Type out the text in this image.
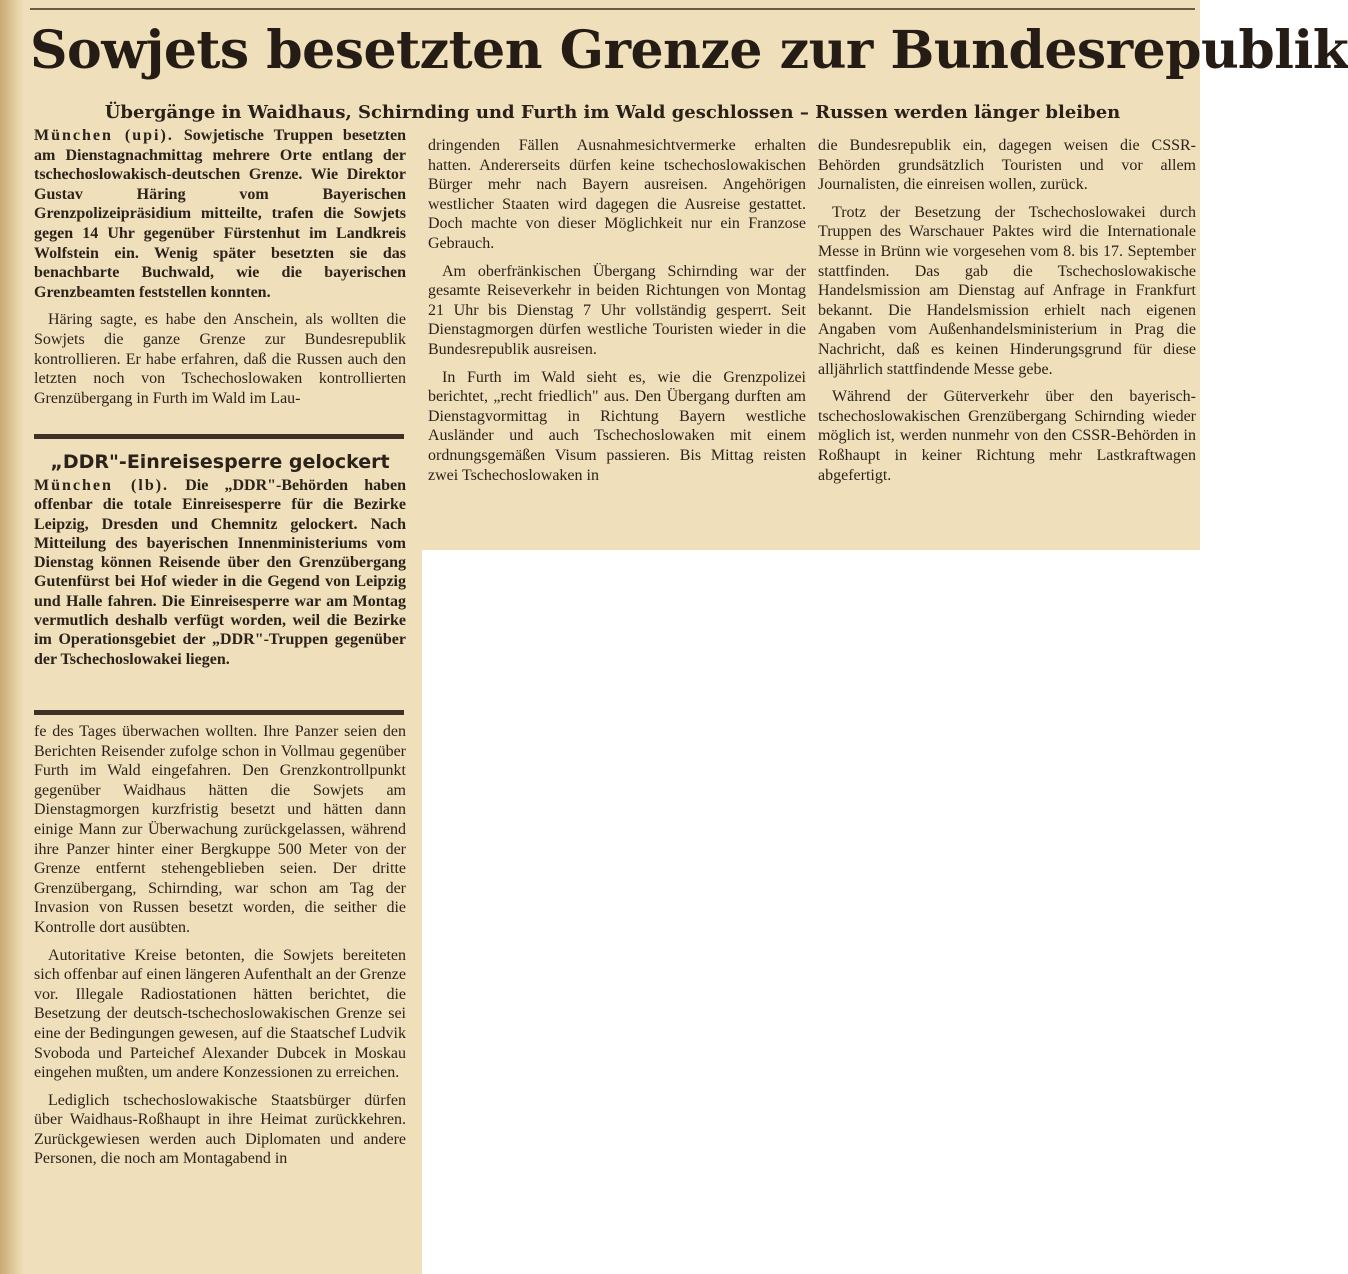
Sowjets besetzten Grenze zur Bundesrepublik
Übergänge in Waidhaus, Schirnding und Furth im Wald geschlossen – Russen werden länger bleiben

München (upi). Sowjetische Truppen besetzten am Dienstagnachmittag mehrere Orte entlang der tschechoslowakisch-deutschen Grenze. Wie Direktor Gustav Häring vom Bayerischen Grenzpolizeipräsidium mitteilte, trafen die Sowjets gegen 14 Uhr gegenüber Fürstenhut im Landkreis Wolfstein ein. Wenig später besetzten sie das benachbarte Buchwald, wie die bayerischen Grenzbeamten feststellen konnten.

Häring sagte, es habe den Anschein, als wollten die Sowjets die ganze Grenze zur Bundesrepublik kontrollieren. Er habe erfahren, daß die Russen auch den letzten noch von Tschechoslowaken kontrollierten Grenzübergang in Furth im Wald im Lau-

„DDR"-Einreisesperre gelockert

München (lb). Die „DDR"-Behörden haben offenbar die totale Einreisesperre für die Bezirke Leipzig, Dresden und Chemnitz gelockert. Nach Mitteilung des bayerischen Innenministeriums vom Dienstag können Reisende über den Grenzübergang Gutenfürst bei Hof wieder in die Gegend von Leipzig und Halle fahren. Die Einreisesperre war am Montag vermutlich deshalb verfügt worden, weil die Bezirke im Operationsgebiet der „DDR"-Truppen gegenüber der Tschechoslowakei liegen.

fe des Tages überwachen wollten. Ihre Panzer seien den Berichten Reisender zufolge schon in Vollmau gegenüber Furth im Wald eingefahren. Den Grenzkontrollpunkt gegenüber Waidhaus hätten die Sowjets am Dienstagmorgen kurzfristig besetzt und hätten dann einige Mann zur Überwachung zurückgelassen, während ihre Panzer hinter einer Bergkuppe 500 Meter von der Grenze entfernt stehengeblieben seien. Der dritte Grenzübergang, Schirnding, war schon am Tag der Invasion von Russen besetzt worden, die seither die Kontrolle dort ausübten.

Autoritative Kreise betonten, die Sowjets bereiteten sich offenbar auf einen längeren Aufenthalt an der Grenze vor. Illegale Radiostationen hätten berichtet, die Besetzung der deutsch-tschechoslowakischen Grenze sei eine der Bedingungen gewesen, auf die Staatschef Ludvik Svoboda und Parteichef Alexander Dubcek in Moskau eingehen mußten, um andere Konzessionen zu erreichen.

Lediglich tschechoslowakische Staatsbürger dürfen über Waidhaus-Roßhaupt in ihre Heimat zurückkehren. Zurückgewiesen werden auch Diplomaten und andere Personen, die noch am Montagabend in

dringenden Fällen Ausnahmesichtvermerke erhalten hatten. Andererseits dürfen keine tschechoslowakischen Bürger mehr nach Bayern ausreisen. Angehörigen westlicher Staaten wird dagegen die Ausreise gestattet. Doch machte von dieser Möglichkeit nur ein Franzose Gebrauch.

Am oberfränkischen Übergang Schirnding war der gesamte Reiseverkehr in beiden Richtungen von Montag 21 Uhr bis Dienstag 7 Uhr vollständig gesperrt. Seit Dienstagmorgen dürfen westliche Touristen wieder in die Bundesrepublik ausreisen.

In Furth im Wald sieht es, wie die Grenzpolizei berichtet, „recht friedlich" aus. Den Übergang durften am Dienstagvormittag in Richtung Bayern westliche Ausländer und auch Tschechoslowaken mit einem ordnungsgemäßen Visum passieren. Bis Mittag reisten zwei Tschechoslowaken in

die Bundesrepublik ein, dagegen weisen die CSSR-Behörden grundsätzlich Touristen und vor allem Journalisten, die einreisen wollen, zurück.

Trotz der Besetzung der Tschechoslowakei durch Truppen des Warschauer Paktes wird die Internationale Messe in Brünn wie vorgesehen vom 8. bis 17. September stattfinden. Das gab die Tschechoslowakische Handelsmission am Dienstag auf Anfrage in Frankfurt bekannt. Die Handelsmission erhielt nach eigenen Angaben vom Außenhandelsministerium in Prag die Nachricht, daß es keinen Hinderungsgrund für diese alljährlich stattfindende Messe gebe.

Während der Güterverkehr über den bayerisch-tschechoslowakischen Grenzübergang Schirnding wieder möglich ist, werden nunmehr von den CSSR-Behörden in Roßhaupt in keiner Richtung mehr Lastkraftwagen abgefertigt.
